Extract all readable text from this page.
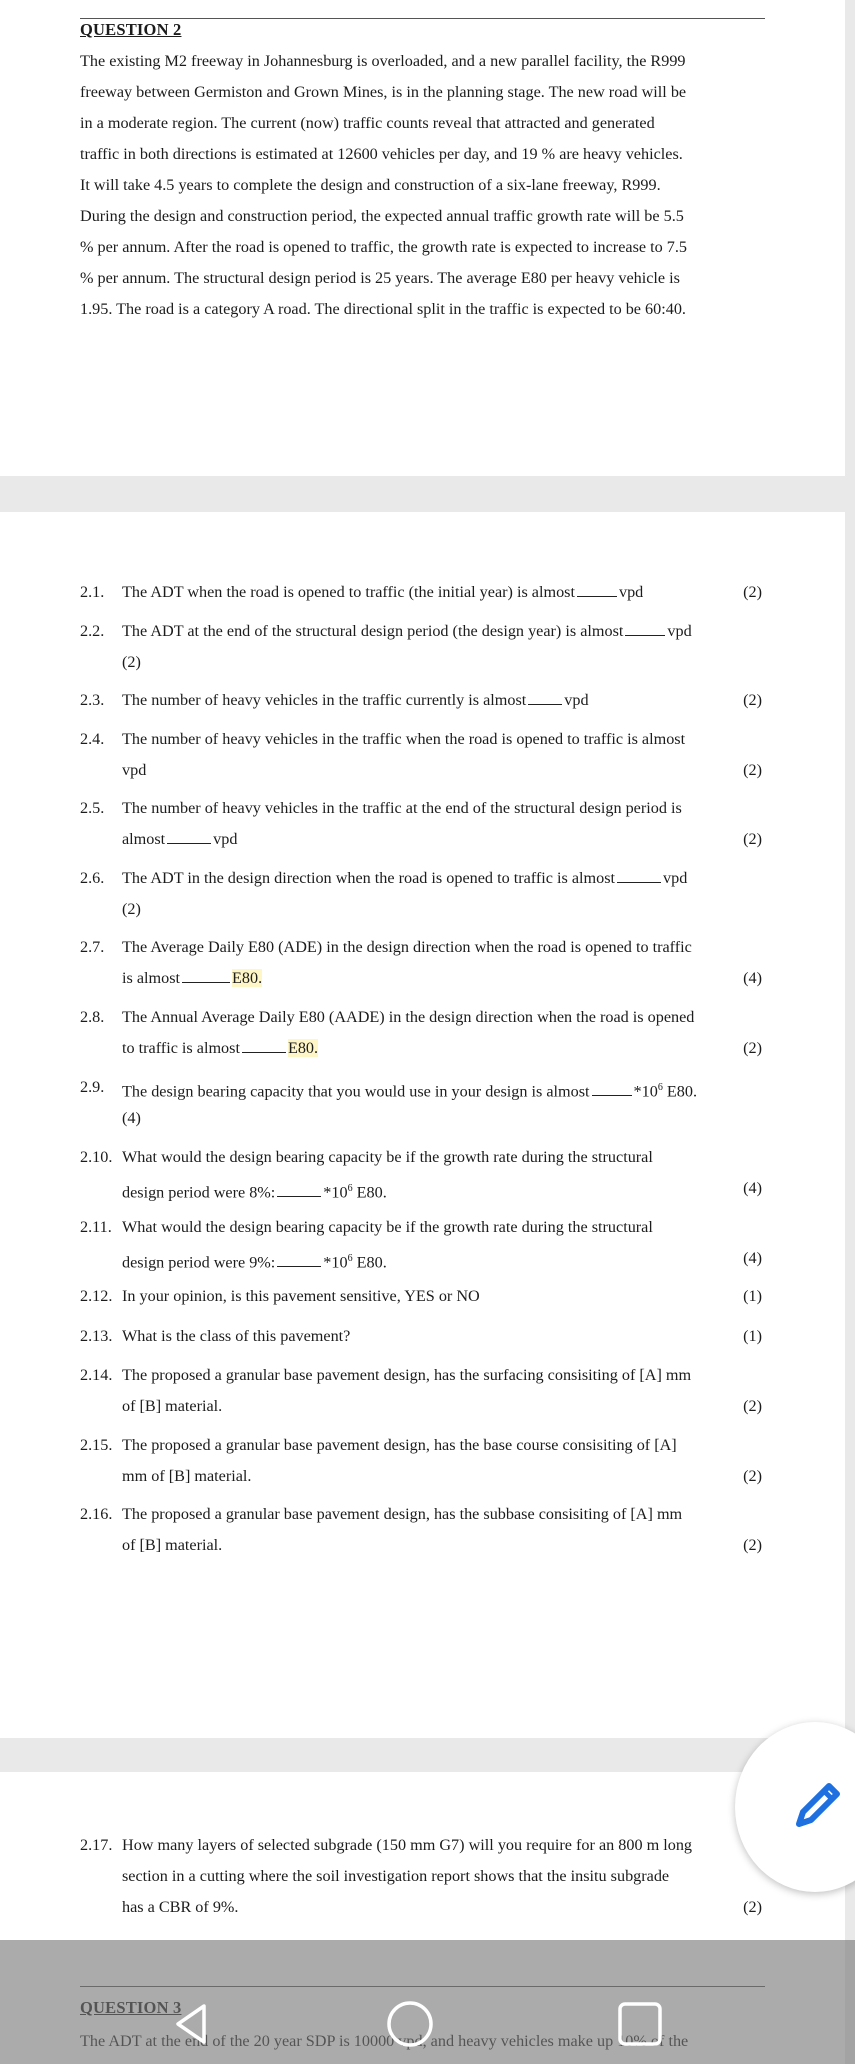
QUESTION 2
The existing M2 freeway in Johannesburg is overloaded, and a new parallel facility, the R999
freeway between Germiston and Grown Mines, is in the planning stage. The new road will be
in a moderate region. The current (now) traffic counts reveal that attracted and generated
traffic in both directions is estimated at 12600 vehicles per day, and 19 % are heavy vehicles.
It will take 4.5 years to complete the design and construction of a six-lane freeway, R999.
During the design and construction period, the expected annual traffic growth rate will be 5.5
% per annum. After the road is opened to traffic, the growth rate is expected to increase to 7.5
% per annum. The structural design period is 25 years. The average E80 per heavy vehicle is
1.95. The road is a category A road. The directional split in the traffic is expected to be 60:40.
2.1.	The ADT when the road is opened to traffic (the initial year) is almost	vpd	(2)
2.2.	The ADT at the end of the structural design period (the design year) is almost	vpd
(2)
2.3.	The number of heavy vehicles in the traffic currently is almost vpd	(2)
2.4.	The number of heavy vehicles in the traffic when the road is opened to traffic is almost
vpd	(2)
2.5.	The number of heavy vehicles in the traffic at the end of the structural design period is
almost	vpd	(2)
2.6.	The ADT in the design direction when the road is opened to traffic is almost	vpd
(2)
2.7.	The Average Daily E80 (ADE) in the design direction when the road is opened to traffic
is almost	E80.	(4)
2.8.	The Annual Average Daily E80 (AADE) in the design direction when the road is opened
to traffic is almost	E80.	(2)
2.9.	The design bearing capacity that you would use in your design is almost	$*10^6$ E80.
(4)
2.10. What would the design bearing capacity be if the growth rate during the structural
design period were 8%:	$*10^6$ E80.	(4)
2.11. What would the design bearing capacity be if the growth rate during the structural
design period were 9%:	$*10^6$ E80.	(4)
2.12. In your opinion, is this pavement sensitive, YES or NO	(1)
2.13. What is the class of this pavement?	(1)
2.14. The proposed a granular base pavement design, has the surfacing consisiting of [A] mm
of [B] material.	(2)
2.15. The proposed a granular base pavement design, has the base course consisiting of [A]
mm of [B] material.	(2)
2.16. The proposed a granular base pavement design, has the subbase consisiting of [A] mm
of [B] material.	(2)
2.17. How many layers of selected subgrade (150 mm G7) will you require for an 800 m long
section in a cutting where the soil investigation report shows that the insitu subgrade
has a CBR of 9%.	(2)
